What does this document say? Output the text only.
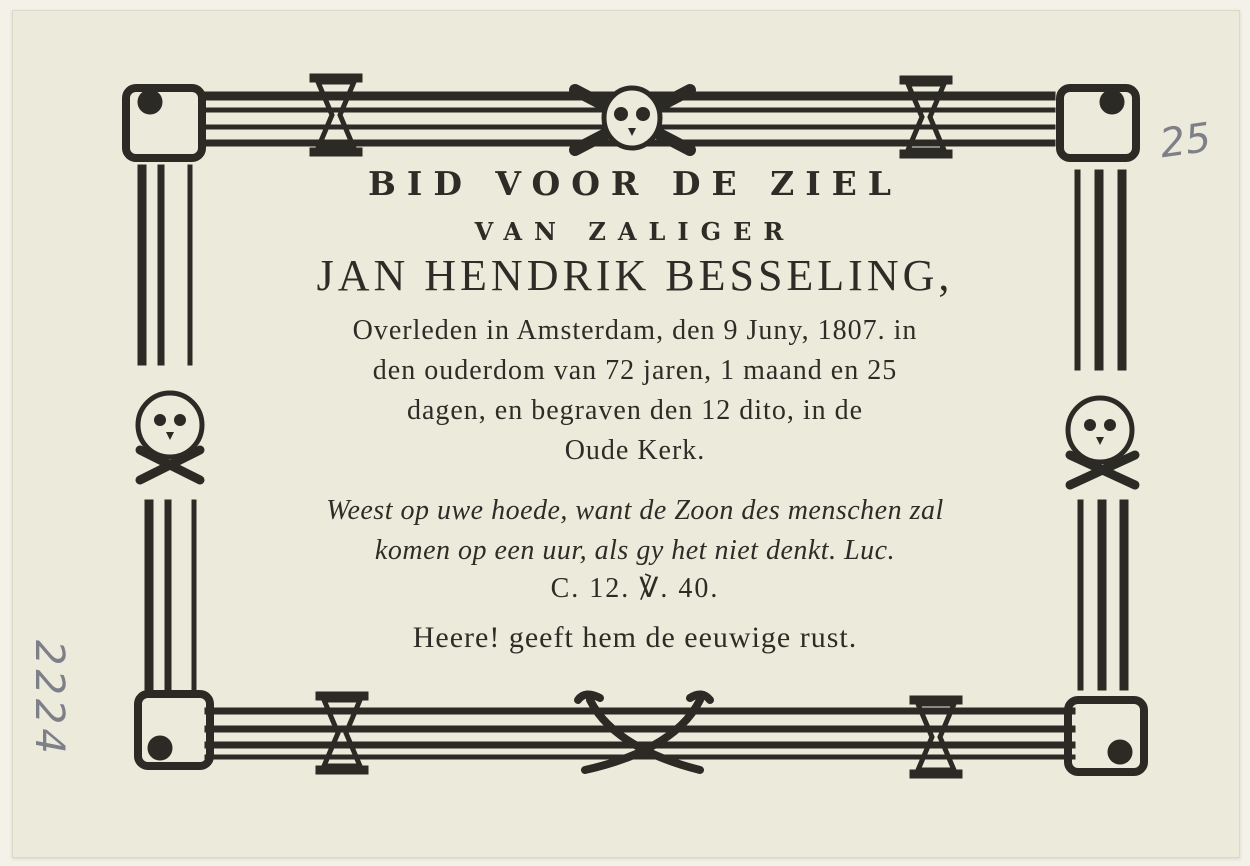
BID VOOR DE ZIEL
VAN ZALIGER
JAN HENDRIK BESSELING,
Overleden in Amsterdam, den 9 Juny, 1807. in
den ouderdom van 72 jaren, 1 maand en 25
dagen, en begraven den 12 dito, in de
Oude Kerk.
Weest op uwe hoede, want de Zoon des menschen zal
komen op een uur, als gy het niet denkt. Luc.
C. 12. ℣. 40.
Heere! geeft hem de eeuwige rust.
25
2224
